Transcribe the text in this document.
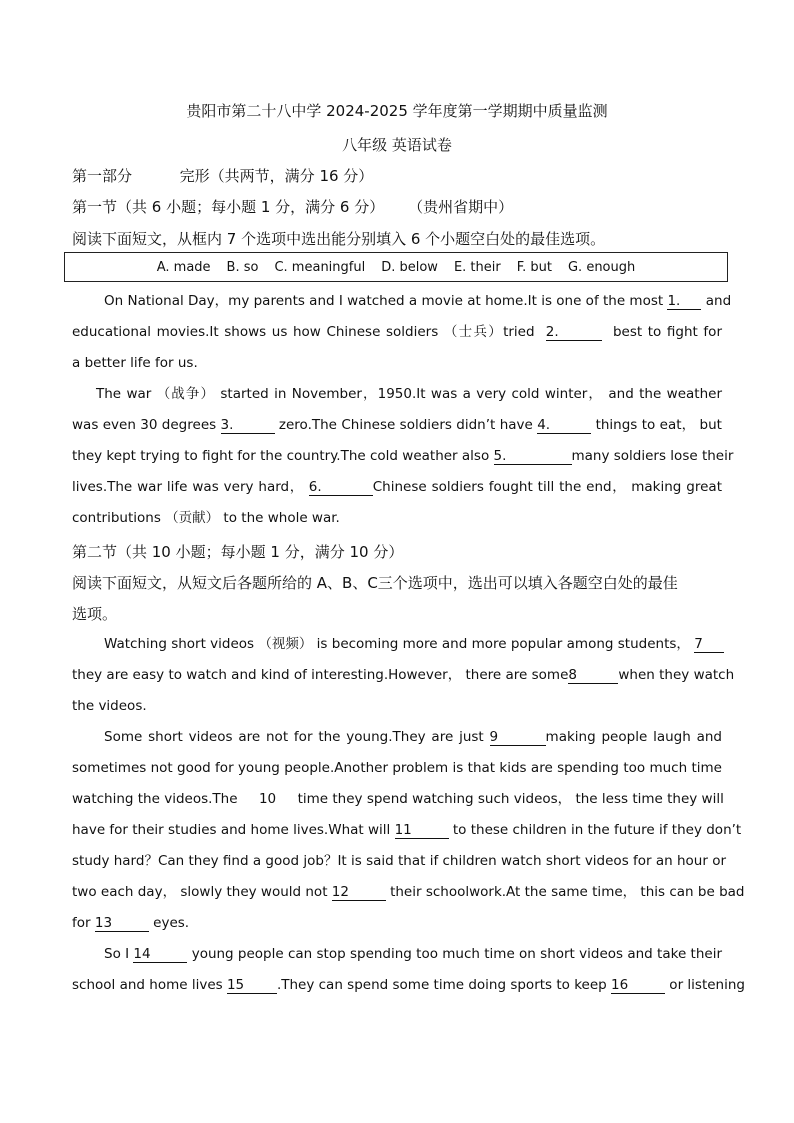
贵阳市第二十八中学 2024-2025 学年度第一学期期中质量监测
八年级 英语试卷
第一部分          完形（共两节，满分 16 分）
第一节（共 6 小题；每小题 1 分，满分 6 分）     （贵州省期中）
阅读下面短文，从框内 7 个选项中选出能分别填入 6 个小题空白处的最佳选项。
A. made B. so C. meaningful D. below E. their F. but G. enough
On National Day，my parents and I watched a movie at home.It is one of the most 1. and
educational movies.It shows us how Chinese soldiers （士兵）tried  2.	best to fight for
a better life for us.
The war （战争） started in November，1950.It was a very cold winter， and the weather
was even 30 degrees 3.	zero.The Chinese soldiers didn’t have 4.	things to eat， but
they kept trying to fight for the country.The cold weather also 5.	many soldiers lose their
lives.The war life was very hard， 6.	Chinese soldiers fought till the end， making great
contributions （贡献） to the whole war.
第二节（共 10 小题；每小题 1 分，满分 10 分）
阅读下面短文，从短文后各题所给的 A、B、C三个选项中，选出可以填入各题空白处的最佳
选项。
Watching short videos （视频） is becoming more and more popular among students， 7
they are easy to watch and kind of interesting.However， there are some8	when they watch
the videos.
Some short videos are not for the young.They are just 9	making people laugh and
sometimes not good for young people.Another problem is that kids are spending too much time
watching the videos.The     10     time they spend watching such videos， the less time they will
have for their studies and home lives.What will 11	to these children in the future if they don’t
study hard？Can they find a good job？It is said that if children watch short videos for an hour or
two each day， slowly they would not 12	their schoolwork.At the same time， this can be bad
for 13	eyes.
So I 14	young people can stop spending too much time on short videos and take their
school and home lives 15 .They can spend some time doing sports to keep 16	or listening
